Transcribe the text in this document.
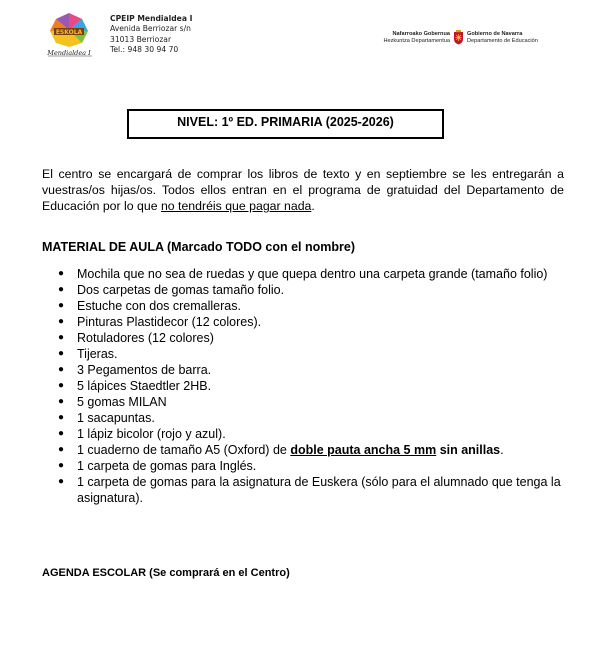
ESKOLA
Mendialdea I
CPEIP Mendialdea I
Avenida Berriozar s/n
31013 Berriozar
Tel.: 948 30 94 70
Nafarroako Gobernua
Hezkuntza Departamentua
Gobierno de Navarra
Departamento de Educación
NIVEL: 1º ED. PRIMARIA (2025-2026)
El centro se encargará de comprar los libros de texto y en septiembre se les entregarán a vuestras/os hijas/os. Todos ellos entran en el programa de gratuidad del Departamento de Educación por lo que no tendréis que pagar nada.
MATERIAL DE AULA (Marcado TODO con el nombre)
● Mochila que no sea de ruedas y que quepa dentro una carpeta grande (tamaño folio)
● Dos carpetas de gomas tamaño folio.
● Estuche con dos cremalleras.
● Pinturas Plastidecor (12 colores).
● Rotuladores (12 colores)
● Tijeras.
● 3 Pegamentos de barra.
● 5 lápices Staedtler 2HB.
● 5 gomas MILAN
● 1 sacapuntas.
● 1 lápiz bicolor (rojo y azul).
● 1 cuaderno de tamaño A5 (Oxford) de doble pauta ancha 5 mm sin anillas.
● 1 carpeta de gomas para Inglés.
● 1 carpeta de gomas para la asignatura de Euskera (sólo para el alumnado que tenga la asignatura).
AGENDA ESCOLAR (Se comprará en el Centro)
